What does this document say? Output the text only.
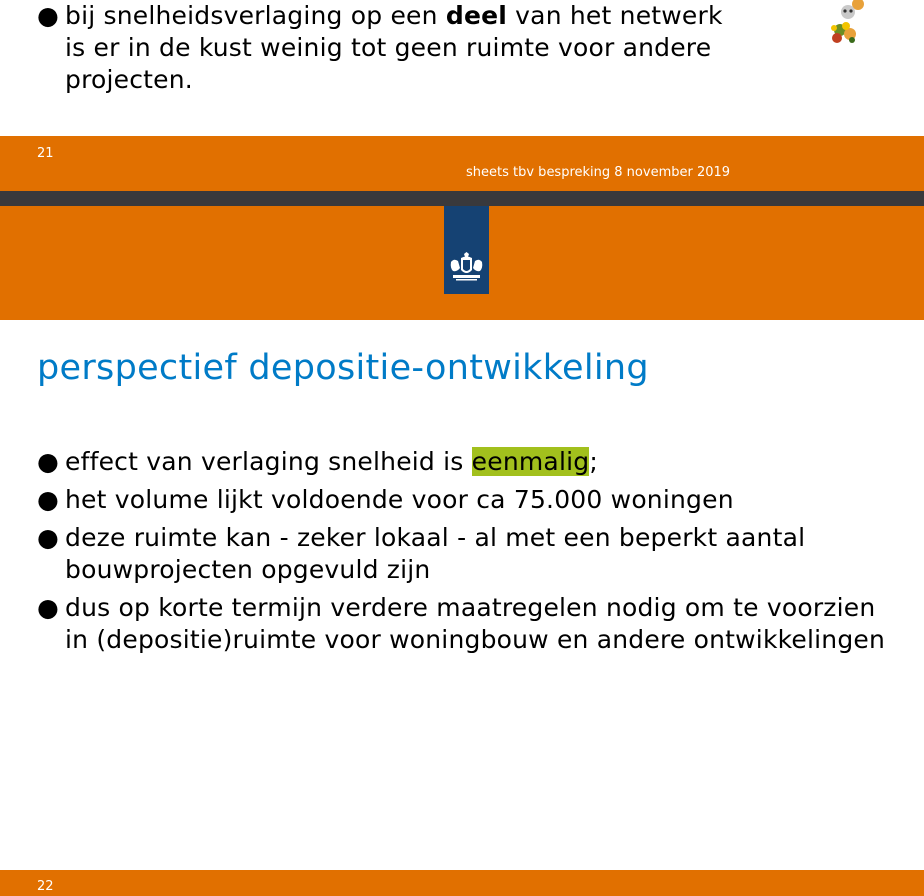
● bij snelheidsverlaging op een deel van het netwerk is er in de kust weinig tot geen ruimte voor andere projecten.
21
sheets tbv bespreking 8 november 2019
perspectief depositie-ontwikkeling
● effect van verlaging snelheid is eenmalig;
● het volume lijkt voldoende voor ca 75.000 woningen
● deze ruimte kan - zeker lokaal - al met een beperkt aantal bouwprojecten opgevuld zijn
● dus op korte termijn verdere maatregelen nodig om te voorzien in (depositie)ruimte voor woningbouw en andere ontwikkelingen
22
